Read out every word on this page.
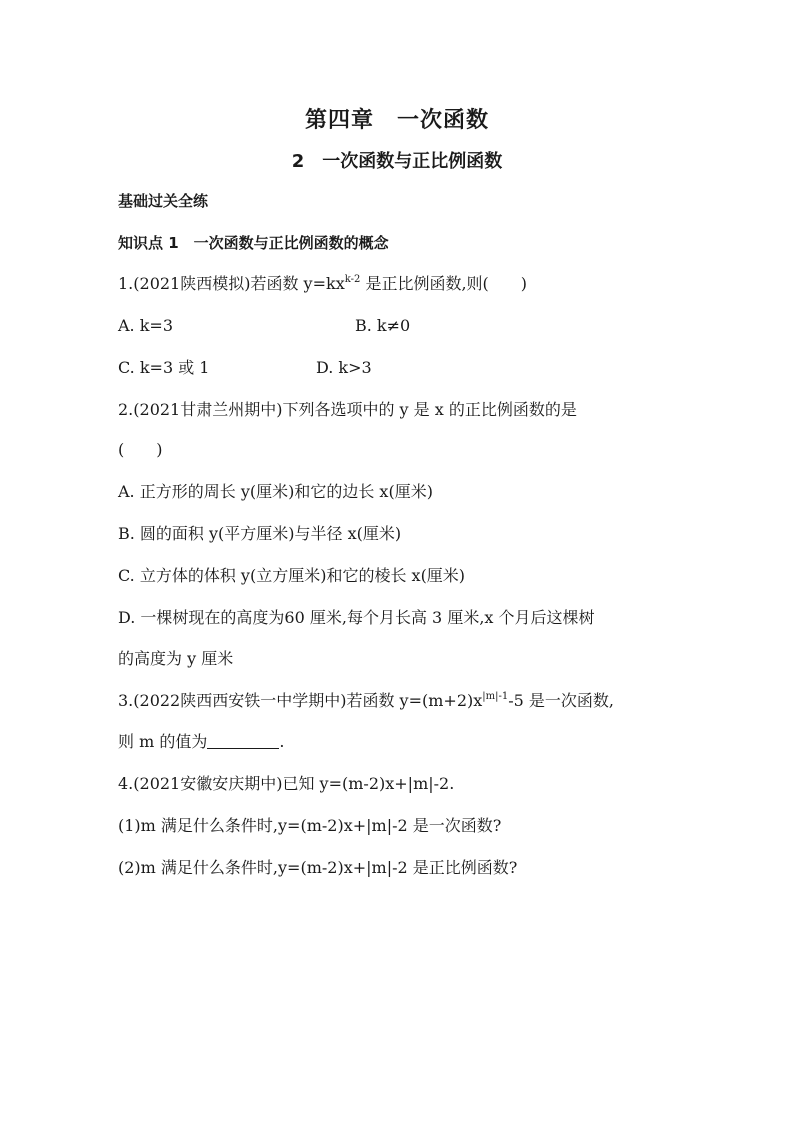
第四章　一次函数
2　一次函数与正比例函数
基础过关全练
知识点 1　一次函数与正比例函数的概念
1.(2021陕西模拟)若函数 $y=kx^{k-2}$ 是正比例函数,则(　　)
A. k=3	B. k≠0
C. k=3 或 1	D. k>3
2.(2021甘肃兰州期中)下列各选项中的 y 是 x 的正比例函数的是
(　　)
A. 正方形的周长 y(厘米)和它的边长 x(厘米)
B. 圆的面积 y(平方厘米)与半径 x(厘米)
C. 立方体的体积 y(立方厘米)和它的棱长 x(厘米)
D. 一棵树现在的高度为60 厘米,每个月长高 3 厘米,x 个月后这棵树
的高度为 y 厘米
3.(2022陕西西安铁一中学期中)若函数 $y=(m+2)x^{|m|-1}-5$ 是一次函数,
则 m 的值为	.
4.(2021安徽安庆期中)已知 y=(m-2)x+|m|-2.
(1)m 满足什么条件时,y=(m-2)x+|m|-2 是一次函数?
(2)m 满足什么条件时,y=(m-2)x+|m|-2 是正比例函数?
